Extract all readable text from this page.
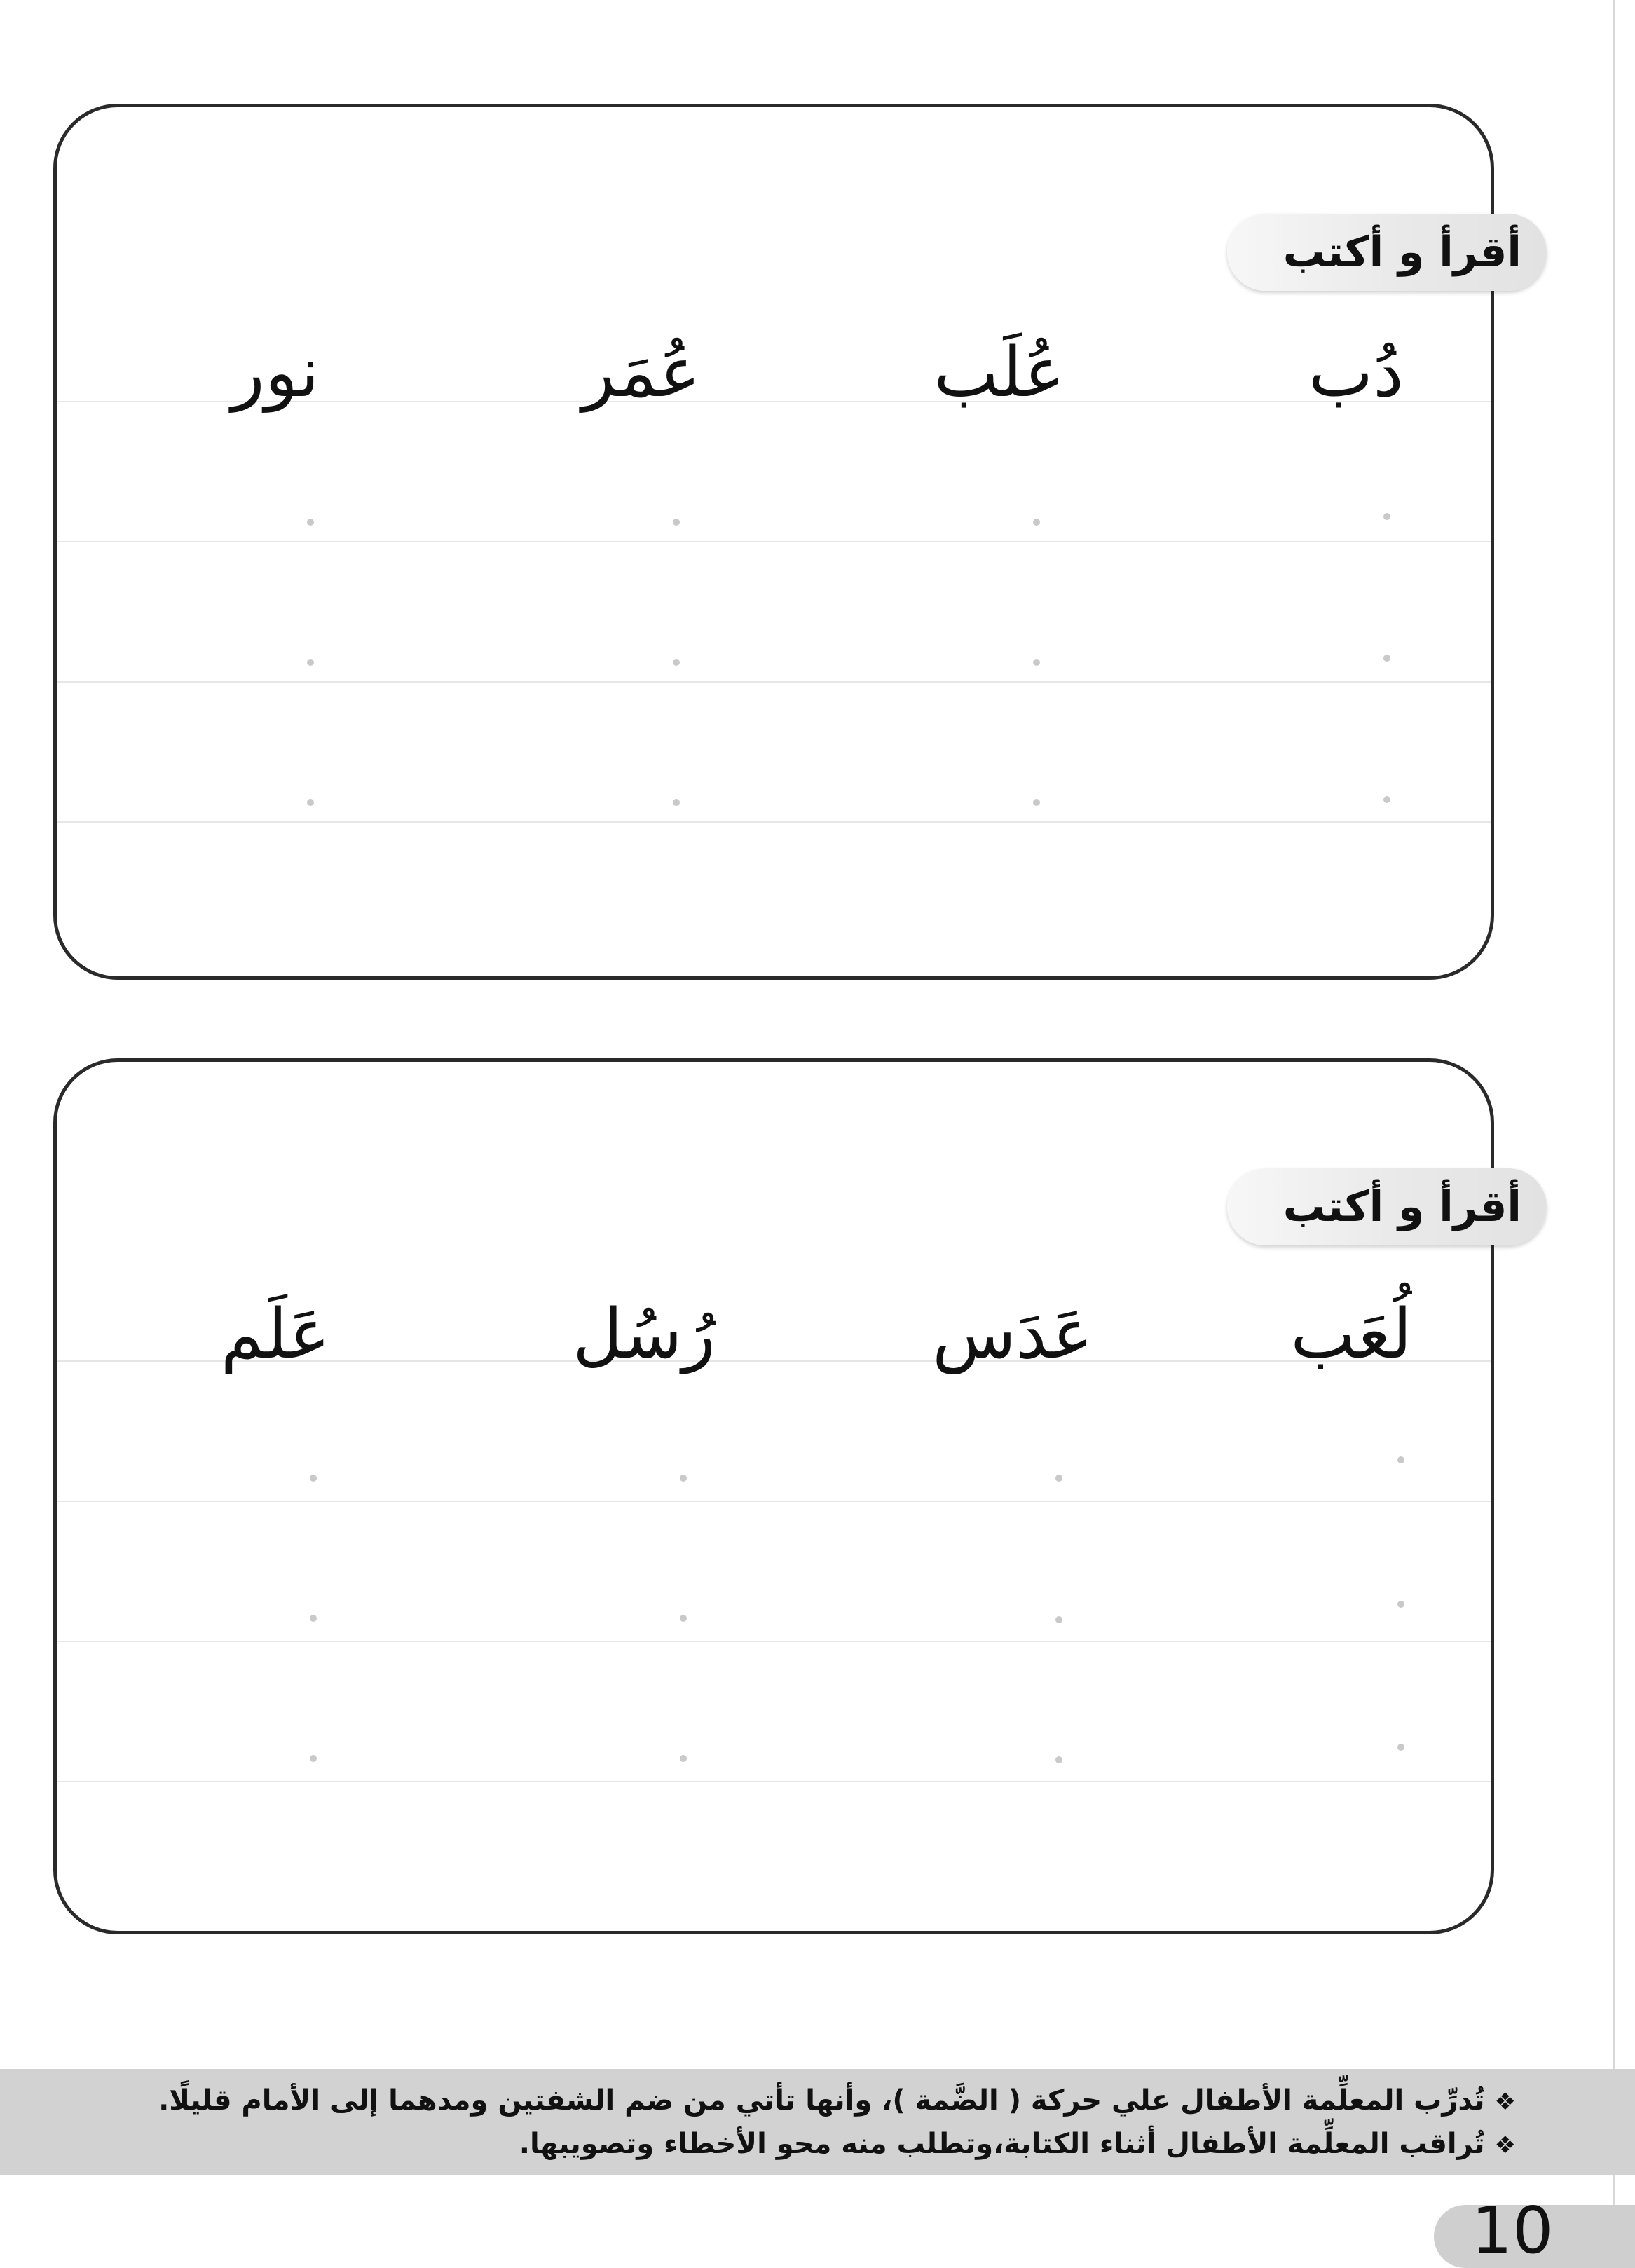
أقرأ و أكتب
دُب
عُلَب
عُمَر
نور
أقرأ و أكتب
لُعَب
عَدَس
رُسُل
عَلَم
❖تُدرِّب المعلِّمة الأطفال علي حركة ( الضَّمة )، وأنها تأتي من ضم الشفتين ومدهما إلى الأمام قليلًا.
❖تُراقب المعلِّمة الأطفال أثناء الكتابة،وتطلب منه محو الأخطاء وتصويبها.
10
